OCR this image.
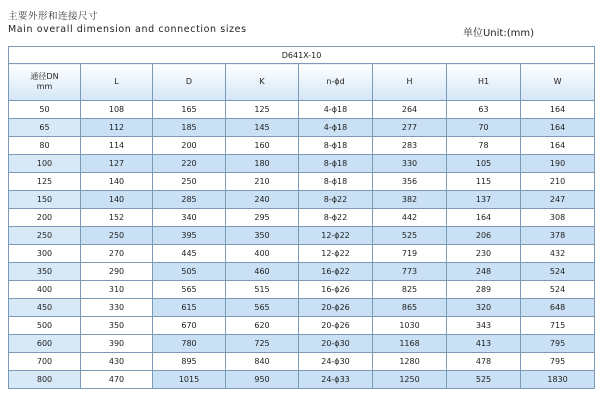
主要外形和连接尺寸
Main overall dimension and connection sizes	单位Unit:(mm)
D641X-10							

通径DN
mm	L	D	K	n-ϕd	H	H1	W
50	108	165	125	4-ϕ18	264	63	164
65	112	185	145	4-ϕ18	277	70	164
80	114	200	160	8-ϕ18	283	78	164
100	127	220	180	8-ϕ18	330	105	190
125	140	250	210	8-ϕ18	356	115	210
150	140	285	240	8-ϕ22	382	137	247
200	152	340	295	8-ϕ22	442	164	308
250	250	395	350	12-ϕ22	525	206	378
300	270	445	400	12-ϕ22	719	230	432
350	290	505	460	16-ϕ22	773	248	524
400	310	565	515	16-ϕ26	825	289	524
450	330	615	565	20-ϕ26	865	320	648
500	350	670	620	20-ϕ26	1030	343	715
600	390	780	725	20-ϕ30	1168	413	795
700	430	895	840	24-ϕ30	1280	478	795
800	470	1015	950	24-ϕ33	1250	525	1830
